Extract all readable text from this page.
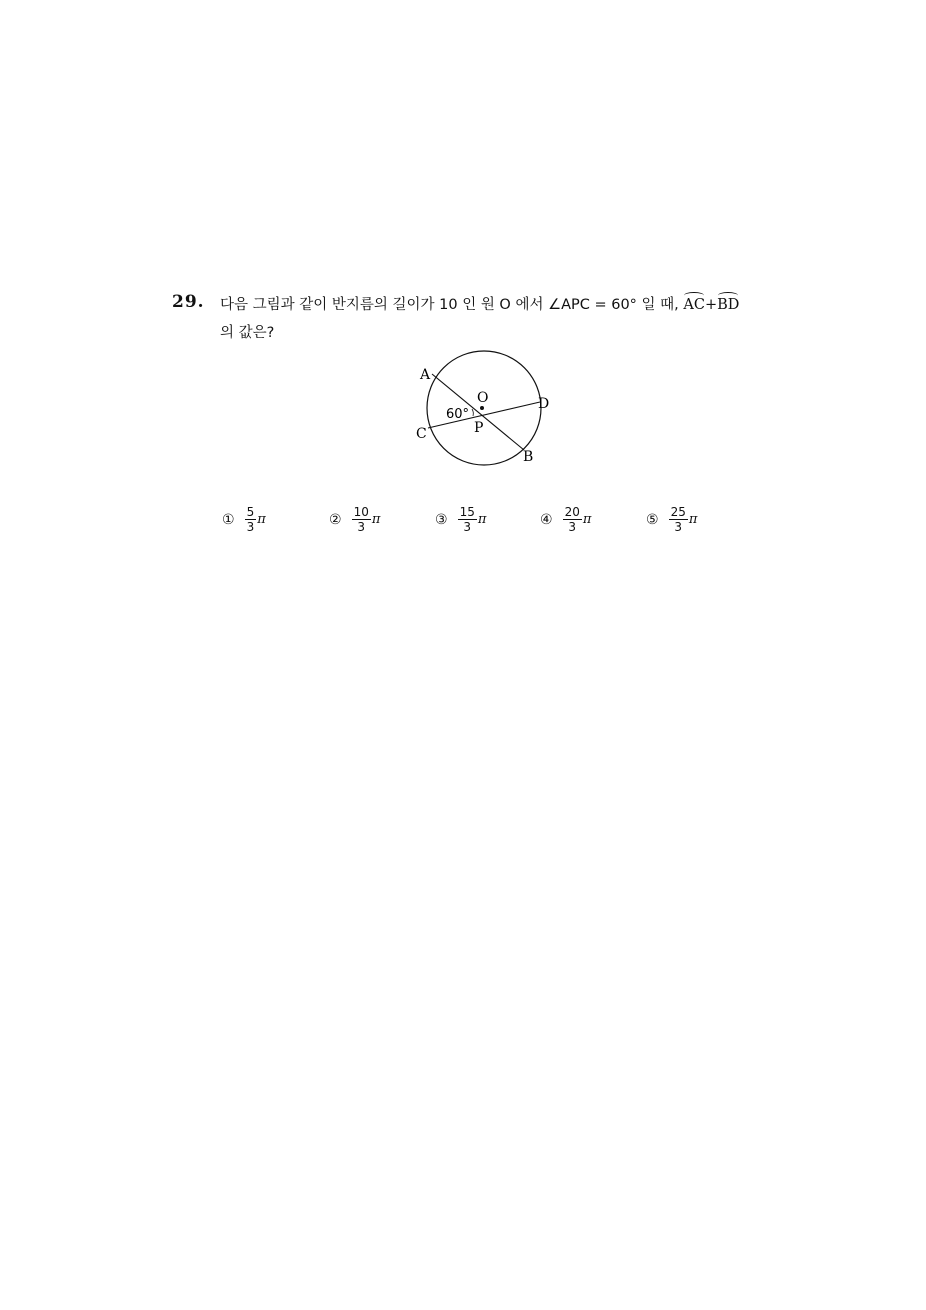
29. 다음 그림과 같이 반지름의 길이가 10 인 원 O 에서 ∠APC = 60° 일 때, AC+BD
의 값은?
A
O	D
60°
C	P
B
① $\frac{5}{3}$ π	② $\frac{10}{3}$ π	③ $\frac{15}{3}$ π	④ $\frac{20}{3}$ π	⑤ $\frac{25}{3}$ π
